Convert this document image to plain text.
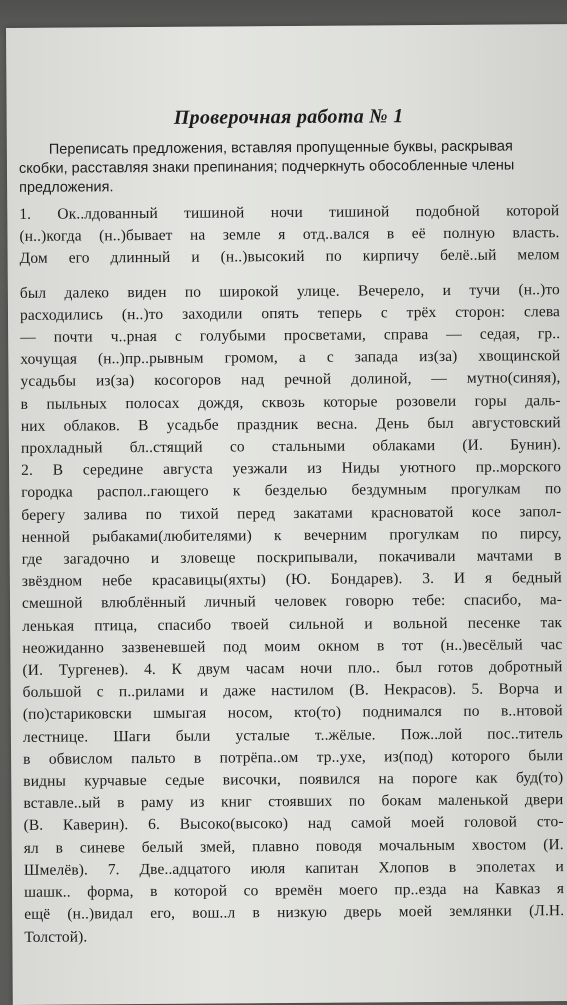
Проверочная работа № 1
Переписать предложения, вставляя пропущенные буквы, раскрывая скобки, расставляя знаки препинания; подчеркнуть обособленные члены предложения.
1. Ок..лдованный тишиной ночи тишиной подобной которой
(н..)когда (н..)бывает на земле я отд..вался в её полную власть.
Дом его длинный и (н..)высокий по кирпичу белё..ый мелом
был далеко виден по широкой улице. Вечерело, и тучи (н..)то
расходились (н..)то заходили опять теперь с трёх сторон: слева
— почти ч..рная с голубыми просветами, справа — седая, гр..
хочущая (н..)пр..рывным громом, а с запада из(за) хвощинской
усадьбы из(за) косогоров над речной долиной, — мутно(синяя),
в пыльных полосах дождя, сквозь которые розовели горы даль-
них облаков. В усадьбе праздник весна. День был августовский
прохладный бл..стящий со стальными облаками (И. Бунин).
2. В середине августа уезжали из Ниды уютного пр..морского
городка распол..гающего к безделью бездумным прогулкам по
берегу залива по тихой перед закатами красноватой косе запол-
ненной рыбаками(любителями) к вечерним прогулкам по пирсу,
где загадочно и зловеще поскрипывали, покачивали мачтами в
звёздном небе красавицы(яхты) (Ю. Бондарев). 3. И я бедный
смешной влюблённый личный человек говорю тебе: спасибо, ма-
ленькая птица, спасибо твоей сильной и вольной песенке так
неожиданно зазвеневшей под моим окном в тот (н..)весёлый час
(И. Тургенев). 4. К двум часам ночи пло.. был готов добротный
большой с п..рилами и даже настилом (В. Некрасов). 5. Ворча и
(по)стариковски шмыгая носом, кто(то) поднимался по в..нтовой
лестнице. Шаги были усталые т..жёлые. Пож..лой пос..титель
в обвислом пальто в потрёпа..ом тр..ухе, из(под) которого были
видны курчавые седые височки, появился на пороге как буд(то)
вставле..ый в раму из книг стоявших по бокам маленькой двери
(В. Каверин). 6. Высоко(высоко) над самой моей головой сто-
ял в синеве белый змей, плавно поводя мочальным хвостом (И.
Шмелёв). 7. Две..адцатого июля капитан Хлопов в эполетах и
шашк.. форма, в которой со времён моего пр..езда на Кавказ я
ещё (н..)видал его, вош..л в низкую дверь моей землянки (Л.Н.
Толстой).
